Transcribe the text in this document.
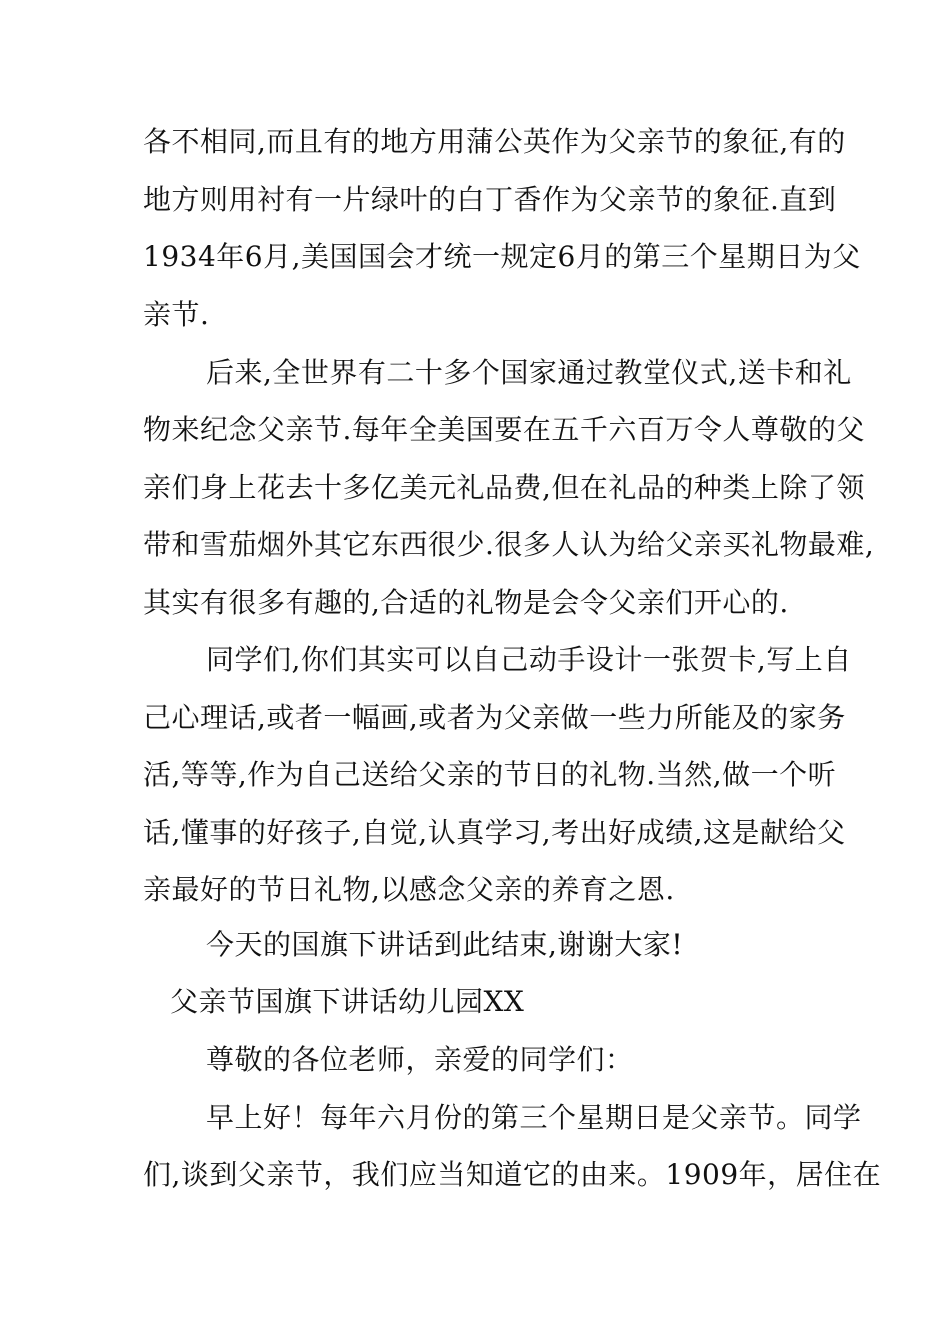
各不相同,而且有的地方用蒲公英作为父亲节的象征,有的
地方则用衬有一片绿叶的白丁香作为父亲节的象征.直到
1934年6月,美国国会才统一规定6月的第三个星期日为父
亲节.
后来,全世界有二十多个国家通过教堂仪式,送卡和礼
物来纪念父亲节.每年全美国要在五千六百万令人尊敬的父
亲们身上花去十多亿美元礼品费,但在礼品的种类上除了领
带和雪茄烟外其它东西很少.很多人认为给父亲买礼物最难,
其实有很多有趣的,合适的礼物是会令父亲们开心的.
同学们,你们其实可以自己动手设计一张贺卡,写上自
己心理话,或者一幅画,或者为父亲做一些力所能及的家务
活,等等,作为自己送给父亲的节日的礼物.当然,做一个听
话,懂事的好孩子,自觉,认真学习,考出好成绩,这是献给父
亲最好的节日礼物,以感念父亲的养育之恩.
今天的国旗下讲话到此结束,谢谢大家!
父亲节国旗下讲话幼儿园XX
尊敬的各位老师，亲爱的同学们：
早上好！每年六月份的第三个星期日是父亲节。同学
们,谈到父亲节，我们应当知道它的由来。1909年，居住在
